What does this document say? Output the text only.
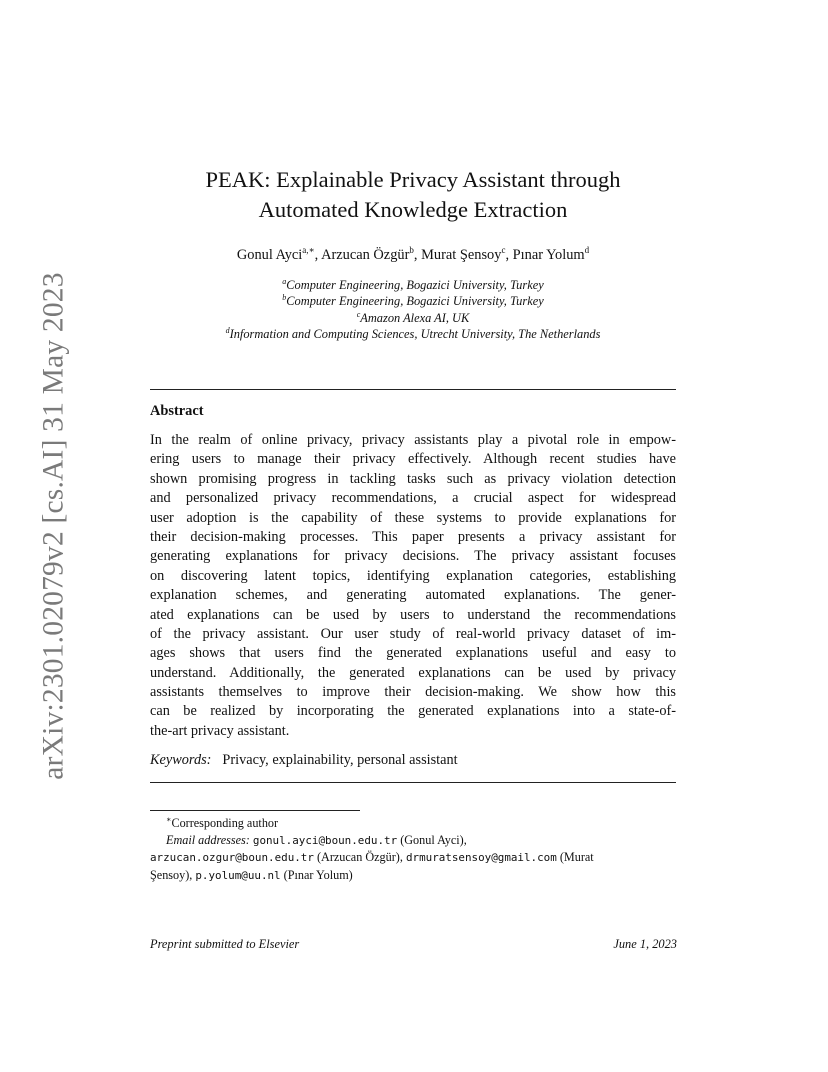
arXiv:2301.02079v2 [cs.AI] 31 May 2023
PEAK: Explainable Privacy Assistant through
Automated Knowledge Extraction
Gonul Ayci$^{a,∗}$, Arzucan Özgür$^b$, Murat Şensoy$^c$, Pınar Yolum$^d$
$^a$Computer Engineering, Bogazici University, Turkey
$^b$Computer Engineering, Bogazici University, Turkey
$^c$Amazon Alexa AI, UK
$^d$Information and Computing Sciences, Utrecht University, The Netherlands
Abstract
In the realm of online privacy, privacy assistants play a pivotal role in empow-
ering users to manage their privacy effectively. Although recent studies have
shown promising progress in tackling tasks such as privacy violation detection
and personalized privacy recommendations, a crucial aspect for widespread
user adoption is the capability of these systems to provide explanations for
their decision-making processes. This paper presents a privacy assistant for
generating explanations for privacy decisions. The privacy assistant focuses
on discovering latent topics, identifying explanation categories, establishing
explanation schemes, and generating automated explanations. The gener-
ated explanations can be used by users to understand the recommendations
of the privacy assistant. Our user study of real-world privacy dataset of im-
ages shows that users find the generated explanations useful and easy to
understand. Additionally, the generated explanations can be used by privacy
assistants themselves to improve their decision-making. We show how this
can be realized by incorporating the generated explanations into a state-of-
the-art privacy assistant.
Keywords: Privacy, explainability, personal assistant
∗Corresponding author
Email addresses: gonul.ayci@boun.edu.tr (Gonul Ayci),
arzucan.ozgur@boun.edu.tr (Arzucan Özgür), drmuratsensoy@gmail.com (Murat
Şensoy), p.yolum@uu.nl (Pınar Yolum)
Preprint submitted to Elsevier	June 1, 2023
